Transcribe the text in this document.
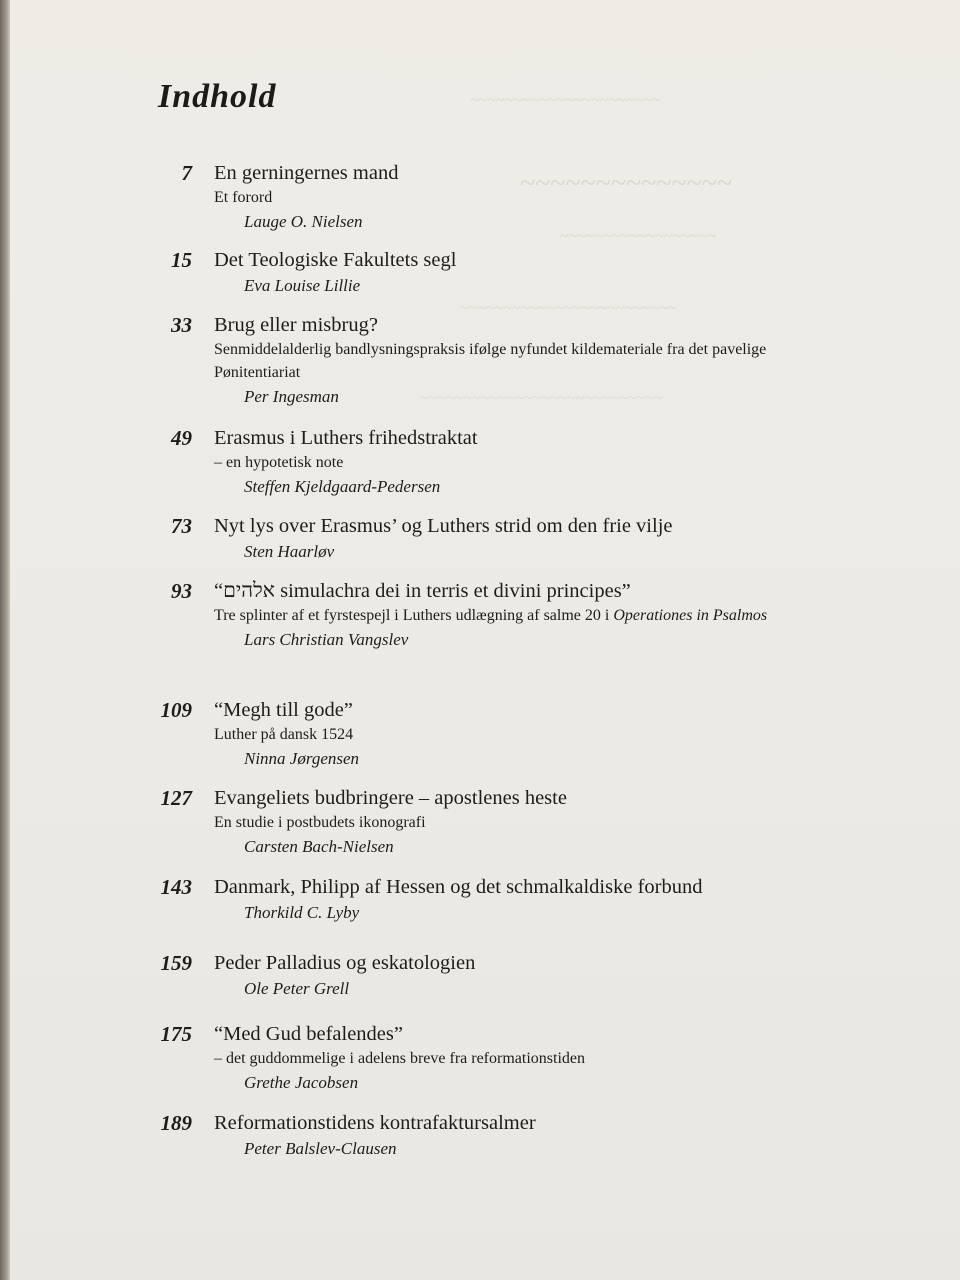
~~~~~~~~~~~~~~~~~~~~~~
~~~~~~~~~~~~~~
~~~~~~~~~~~~~~~~~~
~~~~~~~~~~~~~~~~~~~~~~~~~
~~~~~~~~~~~~~~~~~~~~~~~~~~~~
Indhold
7 En gerningernes mand
Et forord
Lauge O. Nielsen
15 Det Teologiske Fakultets segl
Eva Louise Lillie
33 Brug eller misbrug?
Senmiddelalderlig bandlysningspraksis ifølge nyfundet kildemateriale fra det pavelige Pønitentiariat
Per Ingesman
49 Erasmus i Luthers frihedstraktat
– en hypotetisk note
Steffen Kjeldgaard-Pedersen
73 Nyt lys over Erasmus’ og Luthers strid om den frie vilje
Sten Haarløv
93 “אלהים simulachra dei in terris et divini principes”
Tre splinter af et fyrstespejl i Luthers udlægning af salme 20 i Operationes in Psalmos
Lars Christian Vangslev
109 “Megh till gode”
Luther på dansk 1524
Ninna Jørgensen
127 Evangeliets budbringere – apostlenes heste
En studie i postbudets ikonografi
Carsten Bach-Nielsen
143 Danmark, Philipp af Hessen og det schmalkaldiske forbund
Thorkild C. Lyby
159 Peder Palladius og eskatologien
Ole Peter Grell
175 “Med Gud befalendes”
– det guddommelige i adelens breve fra reformationstiden
Grethe Jacobsen
189 Reformationstidens kontrafaktursalmer
Peter Balslev-Clausen
